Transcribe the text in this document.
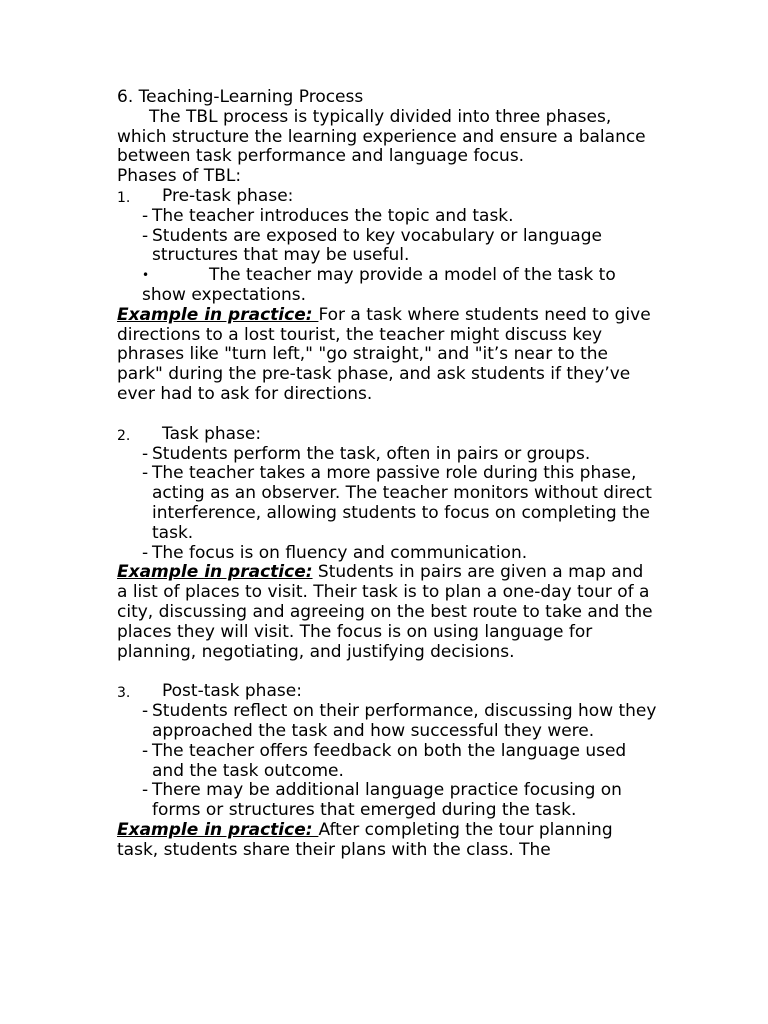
6. Teaching-Learning Process

The TBL process is typically divided into three phases, which structure the learning experience and ensure a balance between task performance and language focus.

Phases of TBL:

1. Pre-task phase:

- The teacher introduces the topic and task.

- Students are exposed to key vocabulary or language structures that may be useful.

•	The teacher may provide a model of the task to show expectations.

Example in practice: For a task where students need to give directions to a lost tourist, the teacher might discuss key phrases like "turn left," "go straight," and "it’s near to the park" during the pre-task phase, and ask students if they’ve ever had to ask for directions.

2. Task phase:

- Students perform the task, often in pairs or groups.

- The teacher takes a more passive role during this phase, acting as an observer. The teacher monitors without direct interference, allowing students to focus on completing the task.

- The focus is on fluency and communication.

Example in practice: Students in pairs are given a map and a list of places to visit. Their task is to plan a one-day tour of a city, discussing and agreeing on the best route to take and the places they will visit. The focus is on using language for planning, negotiating, and justifying decisions.

3. Post-task phase:

- Students reflect on their performance, discussing how they approached the task and how successful they were.

- The teacher offers feedback on both the language used and the task outcome.

- There may be additional language practice focusing on forms or structures that emerged during the task.

Example in practice: After completing the tour planning task, students share their plans with the class. The
